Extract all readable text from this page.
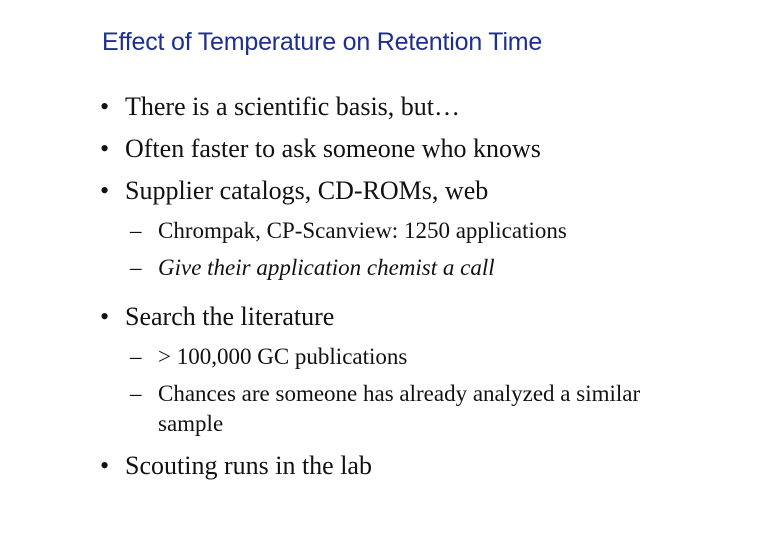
Effect of Temperature on Retention Time
• There is a scientific basis, but…
• Often faster to ask someone who knows
• Supplier catalogs, CD-ROMs, web
– Chrompak, CP-Scanview: 1250 applications
– Give their application chemist a call
• Search the literature
– > 100,000 GC publications
– Chances are someone has already analyzed a similar sample
• Scouting runs in the lab
